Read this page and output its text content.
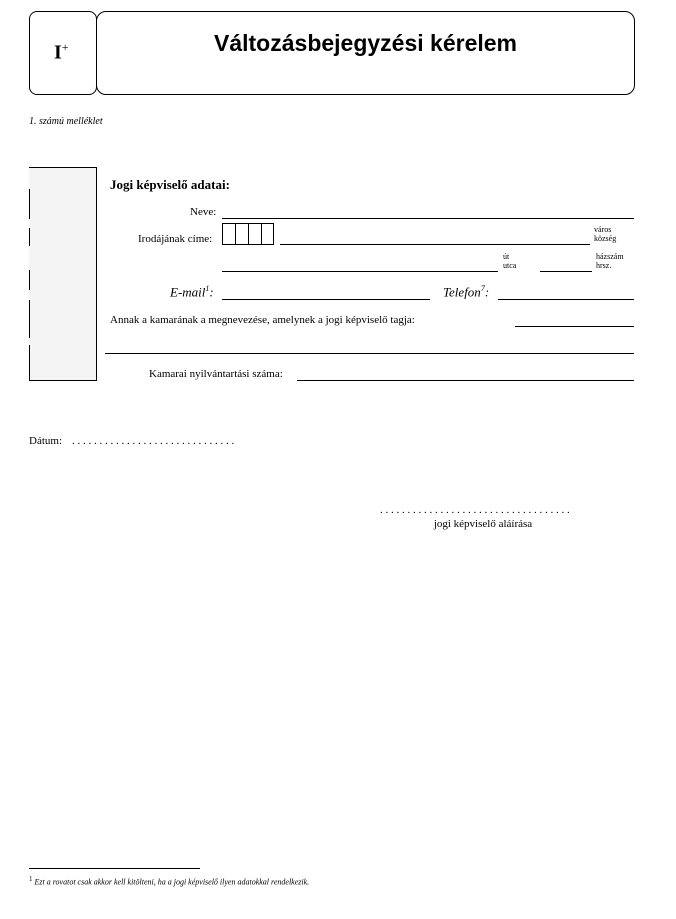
I+	Változásbejegyzési kérelem
1. számú melléklet
Jogi képviselő adatai:
Neve:
Irodájának címe:
város
község
út
utca
házszám
hrsz.
E-mail$^1$:	Telefon$^7$:
Annak a kamarának a megnevezése, amelynek a jogi képviselő tagja:
Kamarai nyilvántartási száma:
Dátum: . . . . . . . . . . . . . . . . . . . . . . . . . . . . . .
. . . . . . . . . . . . . . . . . . . . . . . . . . . . . . . . . . .
jogi képviselő aláírása
$^1$ Ezt a rovatot csak akkor kell kitölteni, ha a jogi képviselő ilyen adatokkal rendelkezik.
